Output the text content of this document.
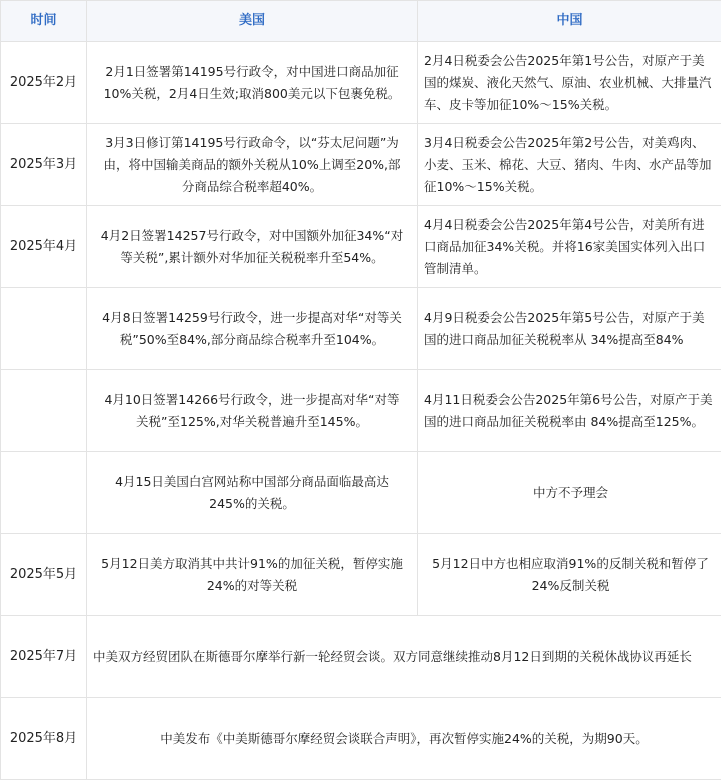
时间	美国	中国
2025年2月	2月1日签署第14195号行政令，对中国进口商品加征10%关税，2月4日生效;取消800美元以下包裹免税。	2月4日税委会公告2025年第1号公告，对原产于美国的煤炭、液化天然气、原油、农业机械、大排量汽车、皮卡等加征10%～15%关税。
2025年3月	3月3日修订第14195号行政命令，以“芬太尼问题”为由，将中国输美商品的额外关税从10%上调至20%,部分商品综合税率超40%。	3月4日税委会公告2025年第2号公告，对美鸡肉、小麦、玉米、棉花、大豆、猪肉、牛肉、水产品等加征10%～15%关税。
2025年4月	4月2日签署14257号行政令，对中国额外加征34%“对等关税”,累计额外对华加征关税税率升至54%。	4月4日税委会公告2025年第4号公告，对美所有进口商品加征34%关税。并将16家美国实体列入出口管制清单。
	4月8日签署14259号行政令，进一步提高对华“对等关税”50%至84%,部分商品综合税率升至104%。	4月9日税委会公告2025年第5号公告，对原产于美国的进口商品加征关税税率从 34%提高至84%
	4月10日签署14266号行政令，进一步提高对华“对等关税”至125%,对华关税普遍升至145%。	4月11日税委会公告2025年第6号公告，对原产于美国的进口商品加征关税税率由 84%提高至125%。
	4月15日美国白宫网站称中国部分商品面临最高达245%的关税。	中方不予理会
2025年5月	5月12日美方取消其中共计91%的加征关税，暂停实施24%的对等关税	5月12日中方也相应取消91%的反制关税和暂停了24%反制关税
2025年7月	中美双方经贸团队在斯德哥尔摩举行新一轮经贸会谈。双方同意继续推动8月12日到期的关税休战协议再延长	
2025年8月	中美发布《中美斯德哥尔摩经贸会谈联合声明》，再次暂停实施24%的关税，为期90天。	
